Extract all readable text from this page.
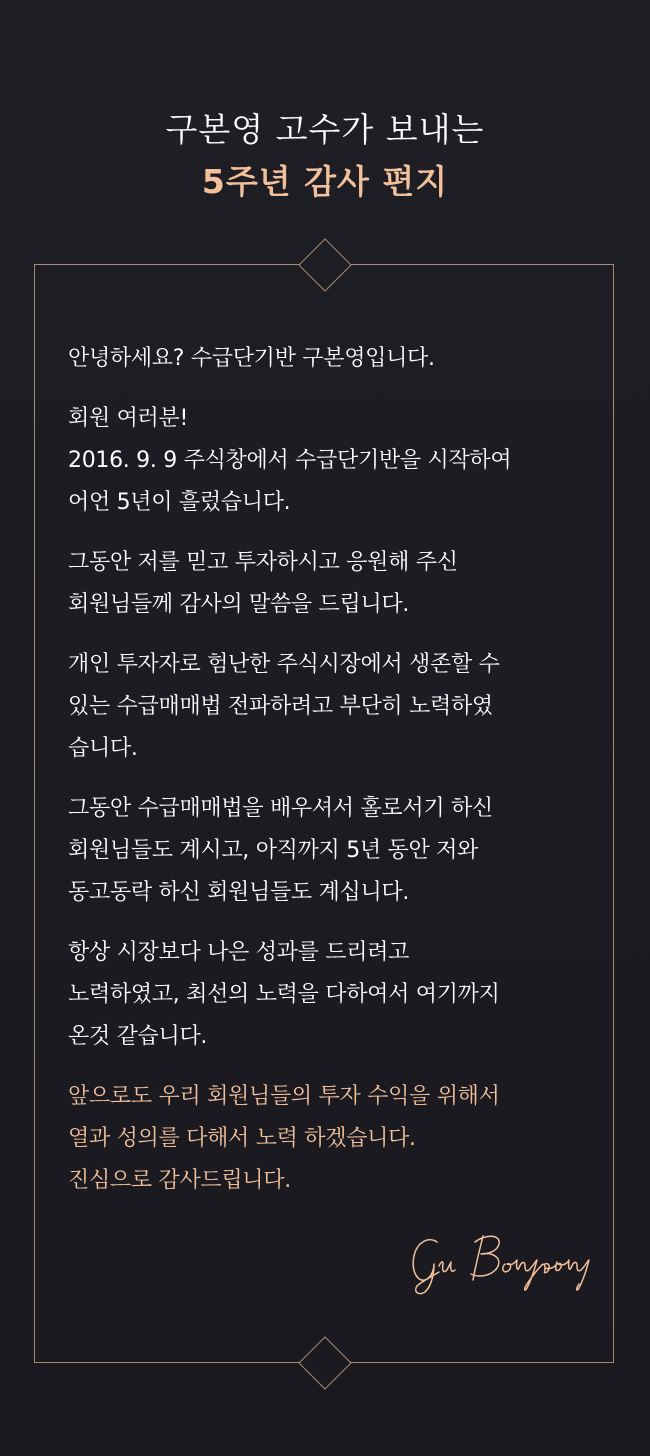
구본영 고수가 보내는
5주년 감사 편지

안녕하세요? 수급단기반 구본영입니다.

회원 여러분!
2016. 9. 9 주식창에서 수급단기반을 시작하여
어언 5년이 흘렀습니다.

그동안 저를 믿고 투자하시고 응원해 주신
회원님들께 감사의 말씀을 드립니다.

개인 투자자로 험난한 주식시장에서 생존할 수
있는 수급매매법 전파하려고 부단히 노력하였
습니다.

그동안 수급매매법을 배우셔서 홀로서기 하신
회원님들도 계시고, 아직까지 5년 동안 저와
동고동락 하신 회원님들도 계십니다.

항상 시장보다 나은 성과를 드리려고
노력하였고, 최선의 노력을 다하여서 여기까지
온것 같습니다.

앞으로도 우리 회원님들의 투자 수익을 위해서
열과 성의를 다해서 노력 하겠습니다.
진심으로 감사드립니다.
